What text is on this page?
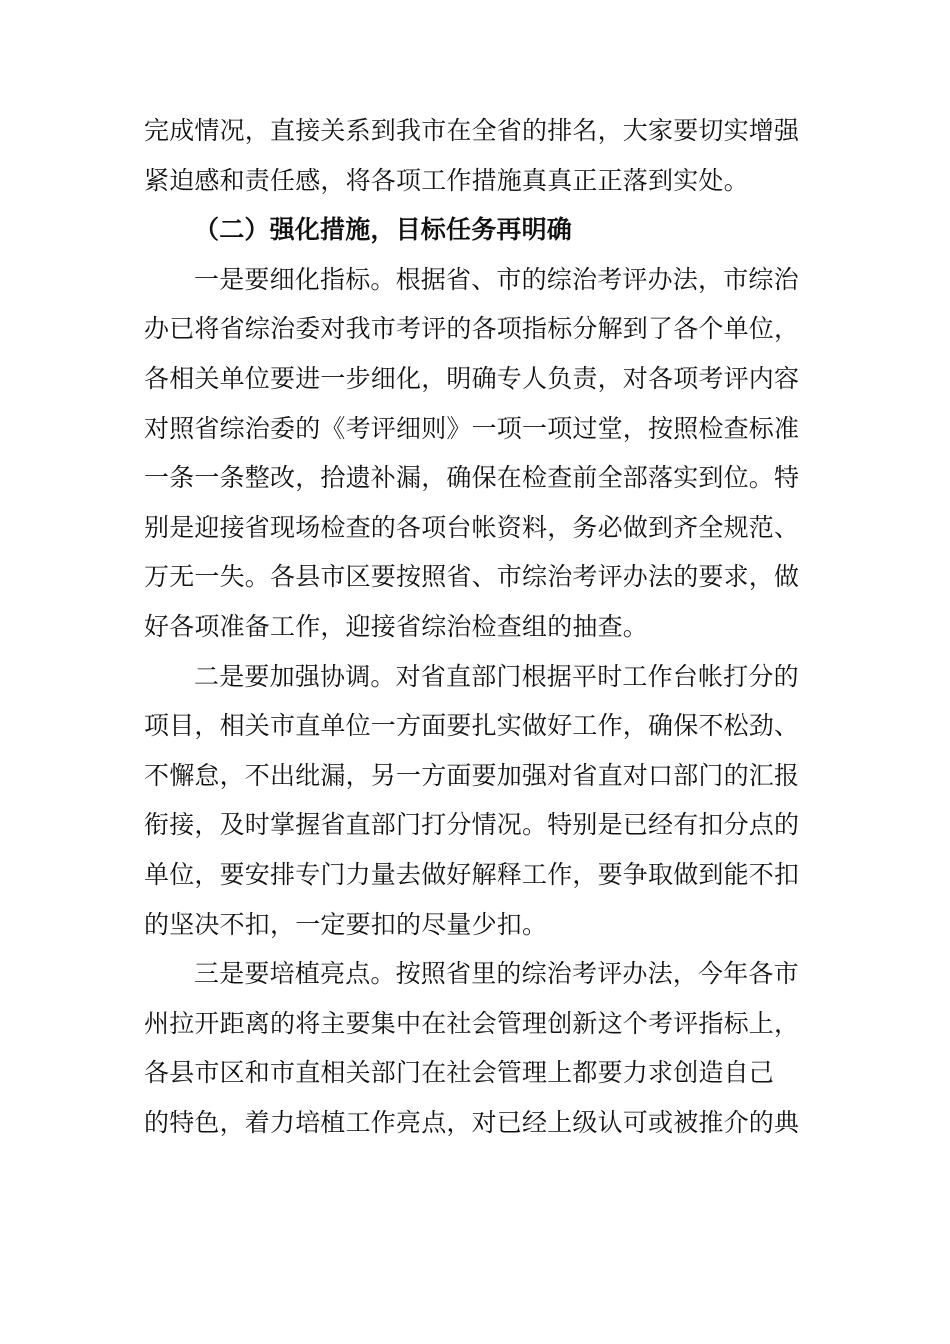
完成情况，直接关系到我市在全省的排名，大家要切实增强
紧迫感和责任感，将各项工作措施真真正正落到实处。
（二）强化措施，目标任务再明确
一是要细化指标。根据省、市的综治考评办法，市综治
办已将省综治委对我市考评的各项指标分解到了各个单位，
各相关单位要进一步细化，明确专人负责，对各项考评内容
对照省综治委的《考评细则》一项一项过堂，按照检查标准
一条一条整改，拾遗补漏，确保在检查前全部落实到位。特
别是迎接省现场检查的各项台帐资料，务必做到齐全规范、
万无一失。各县市区要按照省、市综治考评办法的要求，做
好各项准备工作，迎接省综治检查组的抽查。
二是要加强协调。对省直部门根据平时工作台帐打分的
项目，相关市直单位一方面要扎实做好工作，确保不松劲、
不懈怠，不出纰漏，另一方面要加强对省直对口部门的汇报
衔接，及时掌握省直部门打分情况。特别是已经有扣分点的
单位，要安排专门力量去做好解释工作，要争取做到能不扣
的坚决不扣，一定要扣的尽量少扣。
三是要培植亮点。按照省里的综治考评办法，今年各市
州拉开距离的将主要集中在社会管理创新这个考评指标上，
各县市区和市直相关部门在社会管理上都要力求创造自己
的特色，着力培植工作亮点，对已经上级认可或被推介的典
